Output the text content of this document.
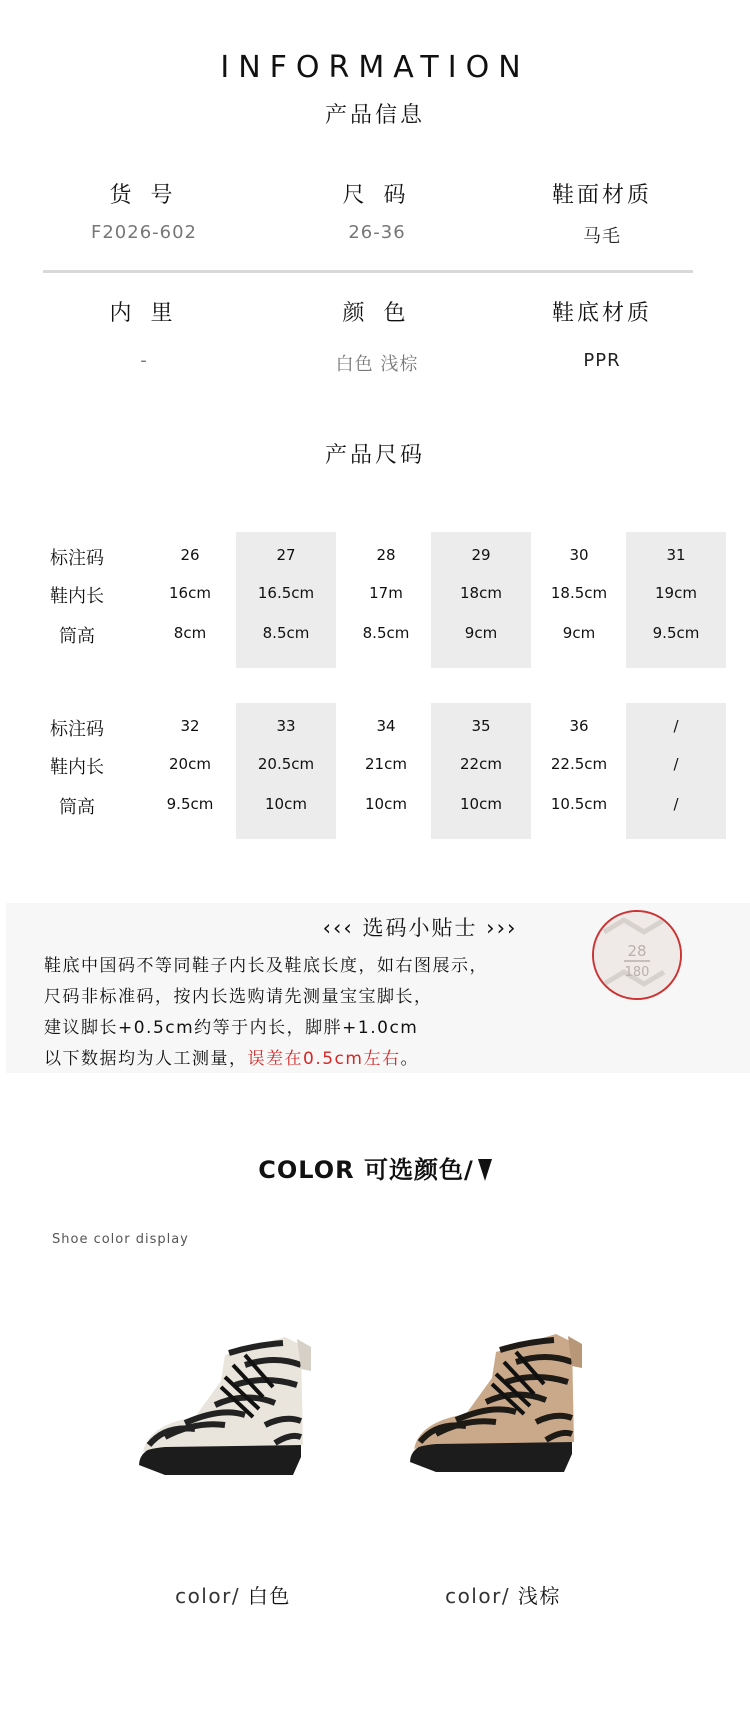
INFORMATION
产品信息
货 号
F2026-602
尺 码
26-36
鞋面材质
马毛
内 里
-
颜 色
白色 浅棕
鞋底材质
PPR
产品尺码
标注码
鞋内长
筒高
26
16cm
8cm
27
16.5cm
8.5cm
28
17m
8.5cm
29
18cm
9cm
30
18.5cm
9cm
31
19cm
9.5cm
标注码
鞋内长
筒高
32
20cm
9.5cm
33
20.5cm
10cm
34
21cm
10cm
35
22cm
10cm
36
22.5cm
10.5cm
/
/
/
‹‹‹ 选码小贴士 ›››
鞋底中国码不等同鞋子内长及鞋底长度，如右图展示，
尺码非标准码，按内长选购请先测量宝宝脚长，
建议脚长+0.5cm约等于内长，脚胖+1.0cm
以下数据均为人工测量，误差在0.5cm左右。
28
180
COLOR 可选颜色/
Shoe color display
color/ 白色	color/ 浅棕
